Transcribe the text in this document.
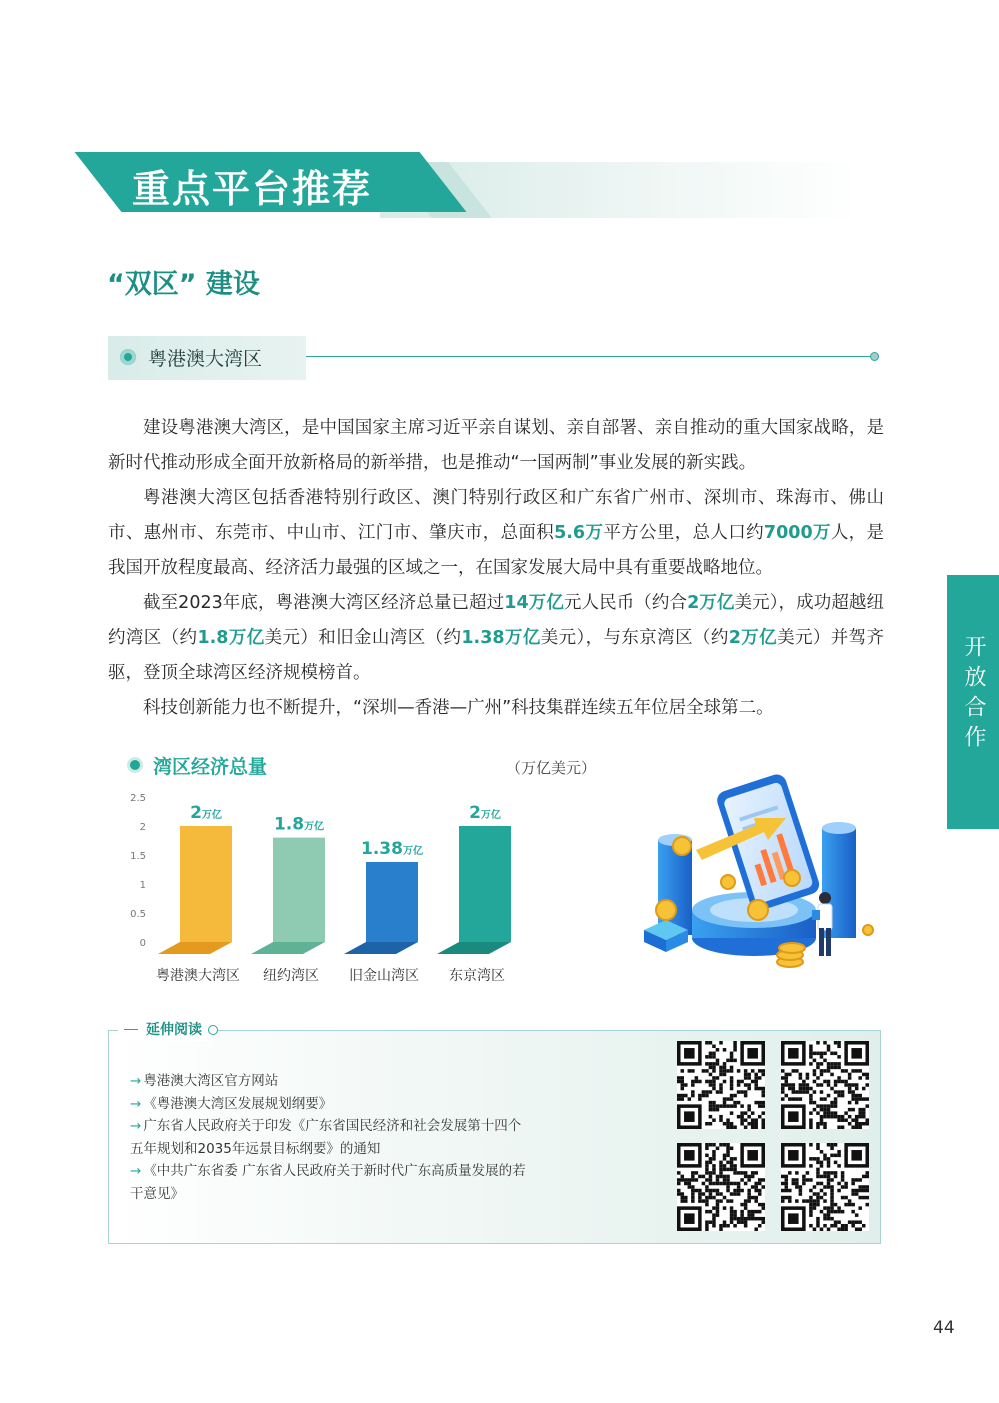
重点平台推荐
“双区” 建设
粤港澳大湾区

建设粤港澳大湾区，是中国国家主席习近平亲自谋划、亲自部署、亲自推动的重大国家战略，是新时代推动形成全面开放新格局的新举措，也是推动“一国两制”事业发展的新实践。

粤港澳大湾区包括香港特别行政区、澳门特别行政区和广东省广州市、深圳市、珠海市、佛山市、惠州市、东莞市、中山市、江门市、肇庆市，总面积5.6万平方公里，总人口约7000万人，是我国开放程度最高、经济活力最强的区域之一，在国家发展大局中具有重要战略地位。

截至2023年底，粤港澳大湾区经济总量已超过14万亿元人民币（约合2万亿美元），成功超越纽约湾区（约1.8万亿美元）和旧金山湾区（约1.38万亿美元），与东京湾区（约2万亿美元）并驾齐驱，登顶全球湾区经济规模榜首。

科技创新能力也不断提升，“深圳—香港—广州”科技集群连续五年位居全球第二。	开放合作
湾区经济总量	（万亿美元）
2.5
2
1.5
1
0.5
0
2万亿
粤港澳大湾区
1.8万亿
纽约湾区
1.38万亿
旧金山湾区
2万亿
东京湾区
延伸阅读
→ 粤港澳大湾区官方网站
→ 《粤港澳大湾区发展规划纲要》
→ 广东省人民政府关于印发《广东省国民经济和社会发展第十四个
五年规划和2035年远景目标纲要》的通知
→ 《中共广东省委 广东省人民政府关于新时代广东高质量发展的若
干意见》
44
